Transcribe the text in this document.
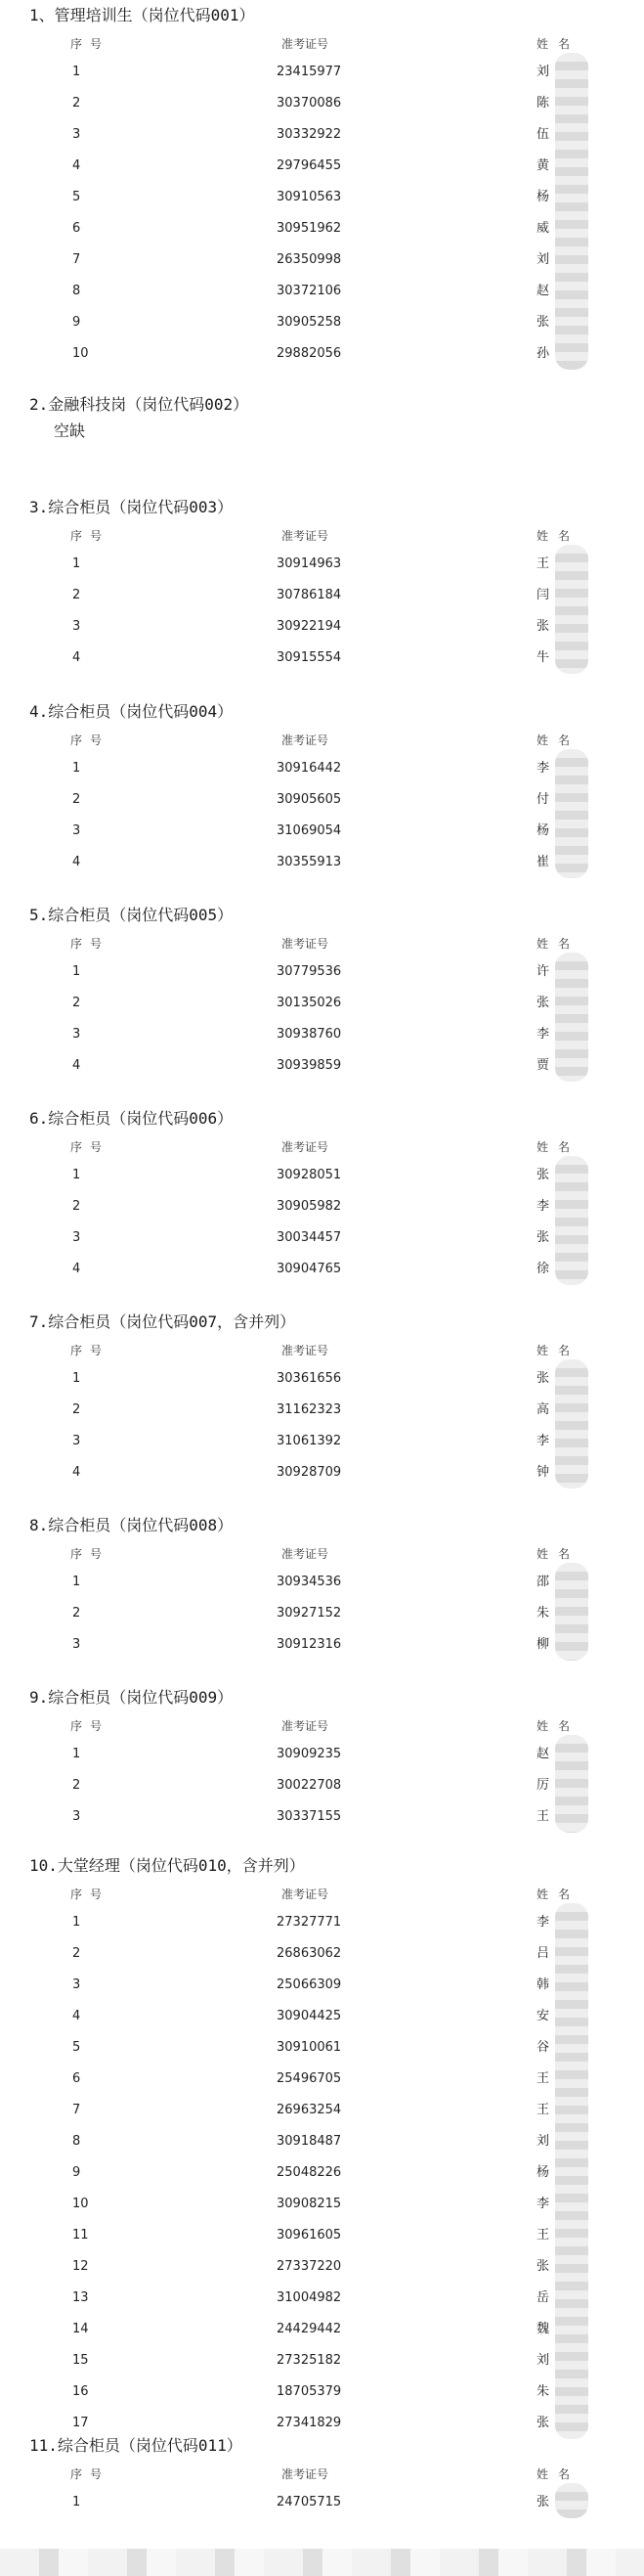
1、管理培训生（岗位代码001）
序号	准考证号	姓名
1	23415977	刘
2	30370086	陈
3	30332922	伍
4	29796455	黄
5	30910563	杨
6	30951962	威
7	26350998	刘
8	30372106	赵
9	30905258	张
10	29882056	孙
2.金融科技岗（岗位代码002）
空缺
3.综合柜员（岗位代码003）
序号	准考证号	姓名
1	30914963	王
2	30786184	闫
3	30922194	张
4	30915554	牛
4.综合柜员（岗位代码004）
序号	准考证号	姓名
1	30916442	李
2	30905605	付
3	31069054	杨
4	30355913	崔
5.综合柜员（岗位代码005）
序号	准考证号	姓名
1	30779536	许
2	30135026	张
3	30938760	李
4	30939859	贾
6.综合柜员（岗位代码006）
序号	准考证号	姓名
1	30928051	张
2	30905982	李
3	30034457	张
4	30904765	徐
7.综合柜员（岗位代码007，含并列）
序号	准考证号	姓名
1	30361656	张
2	31162323	高
3	31061392	李
4	30928709	钟
8.综合柜员（岗位代码008）
序号	准考证号	姓名
1	30934536	邵
2	30927152	朱
3	30912316	柳
9.综合柜员（岗位代码009）
序号	准考证号	姓名
1	30909235	赵
2	30022708	厉
3	30337155	王
10.大堂经理（岗位代码010，含并列）
序号	准考证号	姓名
1	27327771	李
2	26863062	吕
3	25066309	韩
4	30904425	安
5	30910061	谷
6	25496705	王
7	26963254	王
8	30918487	刘
9	25048226	杨
10	30908215	李
11	30961605	王
12	27337220	张
13	31004982	岳
14	24429442	魏
15	27325182	刘
16	18705379	朱
17	27341829	张
11.综合柜员（岗位代码011）
序号	准考证号	姓名
1	24705715	张
